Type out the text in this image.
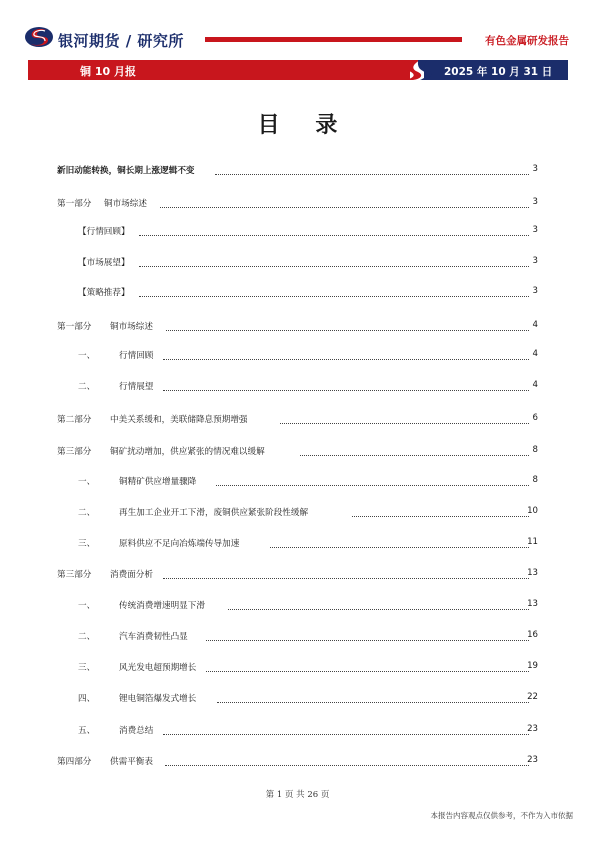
银河期货 / 研究所	有色金属研发报告
铜 10 月报	2025 年 10 月 31 日
目 录
新旧动能转换，铜长期上涨逻辑不变	3
第一部分 铜市场综述	3
【行情回顾】	3
【市场展望】	3
【策略推荐】	3
第一部分 铜市场综述	4
一、	行情回顾	4
二、	行情展望	4
第二部分 中美关系缓和，美联储降息预期增强	6
第三部分 铜矿扰动增加，供应紧张的情况难以缓解	8
一、	铜精矿供应增量骤降	8
二、	再生加工企业开工下滑，废铜供应紧张阶段性缓解	10
三、	原料供应不足向冶炼端传导加速	11
第三部分 消费面分析	13
一、	传统消费增速明显下滑	13
二、	汽车消费韧性凸显	16
三、	风光发电超预期增长	19
四、	锂电铜箔爆发式增长	22
五、	消费总结	23
第四部分 供需平衡表	23
第 1 页 共 26 页
本报告内容观点仅供参考，不作为入市依据
